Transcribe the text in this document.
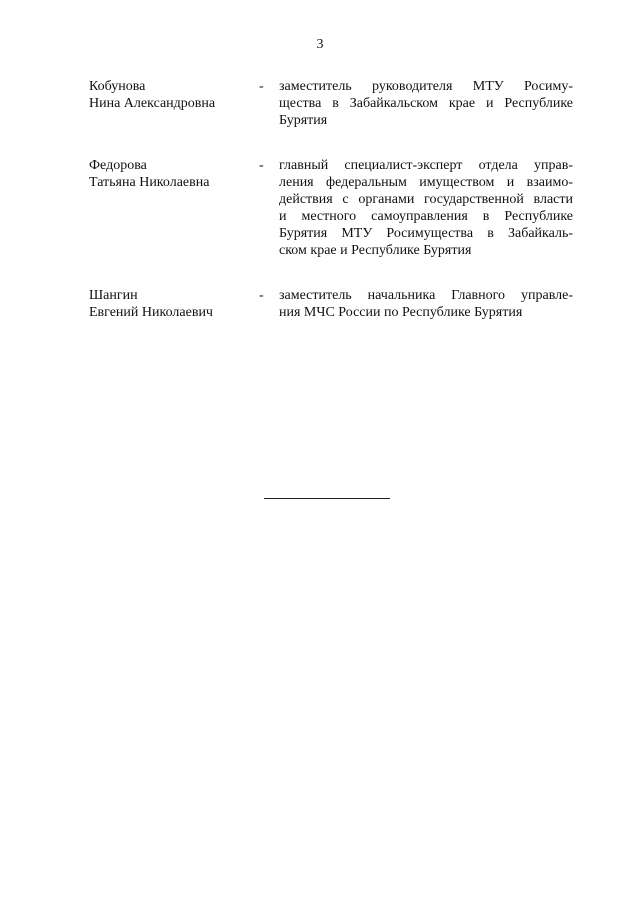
3
Кобунова
Нина Александровна
-	заместитель руководителя МТУ Росиму-
щества в Забайкальском крае и Республике
Бурятия
Федорова
Татьяна Николаевна
-	главный специалист-эксперт отдела управ-
ления федеральным имуществом и взаимо-
действия с органами государственной власти
и местного самоуправления в Республике
Бурятия МТУ Росимущества в Забайкаль-
ском крае и Республике Бурятия
Шангин
Евгений Николаевич
-	заместитель начальника Главного управле-
ния МЧС России по Республике Бурятия
